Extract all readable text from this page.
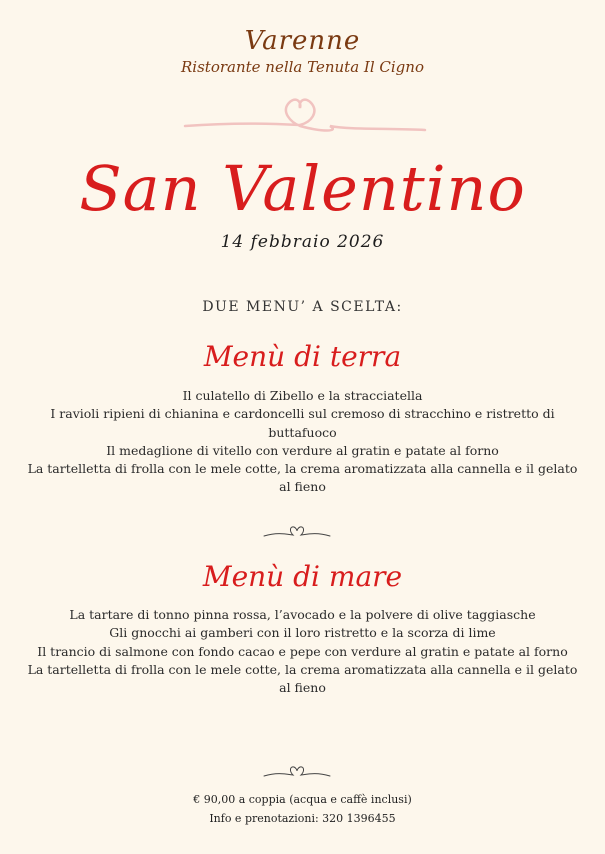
Varenne
Ristorante nella Tenuta Il Cigno
San Valentino
14 febbraio 2026
DUE MENU’ A SCELTA:
Menù di terra
Il culatello di Zibello e la stracciatella
I ravioli ripieni di chianina e cardoncelli sul cremoso di stracchino e ristretto di buttafuoco
Il medaglione di vitello con verdure al gratin e patate al forno
La tartelletta di frolla con le mele cotte, la crema aromatizzata alla cannella e il gelato al fieno
Menù di mare
La tartare di tonno pinna rossa, l’avocado e la polvere di olive taggiasche
Gli gnocchi ai gamberi con il loro ristretto e la scorza di lime
Il trancio di salmone con fondo cacao e pepe con verdure al gratin e patate al forno
La tartelletta di frolla con le mele cotte, la crema aromatizzata alla cannella e il gelato al fieno
€ 90,00 a coppia (acqua e caffè inclusi)
Info e prenotazioni: 320 1396455
